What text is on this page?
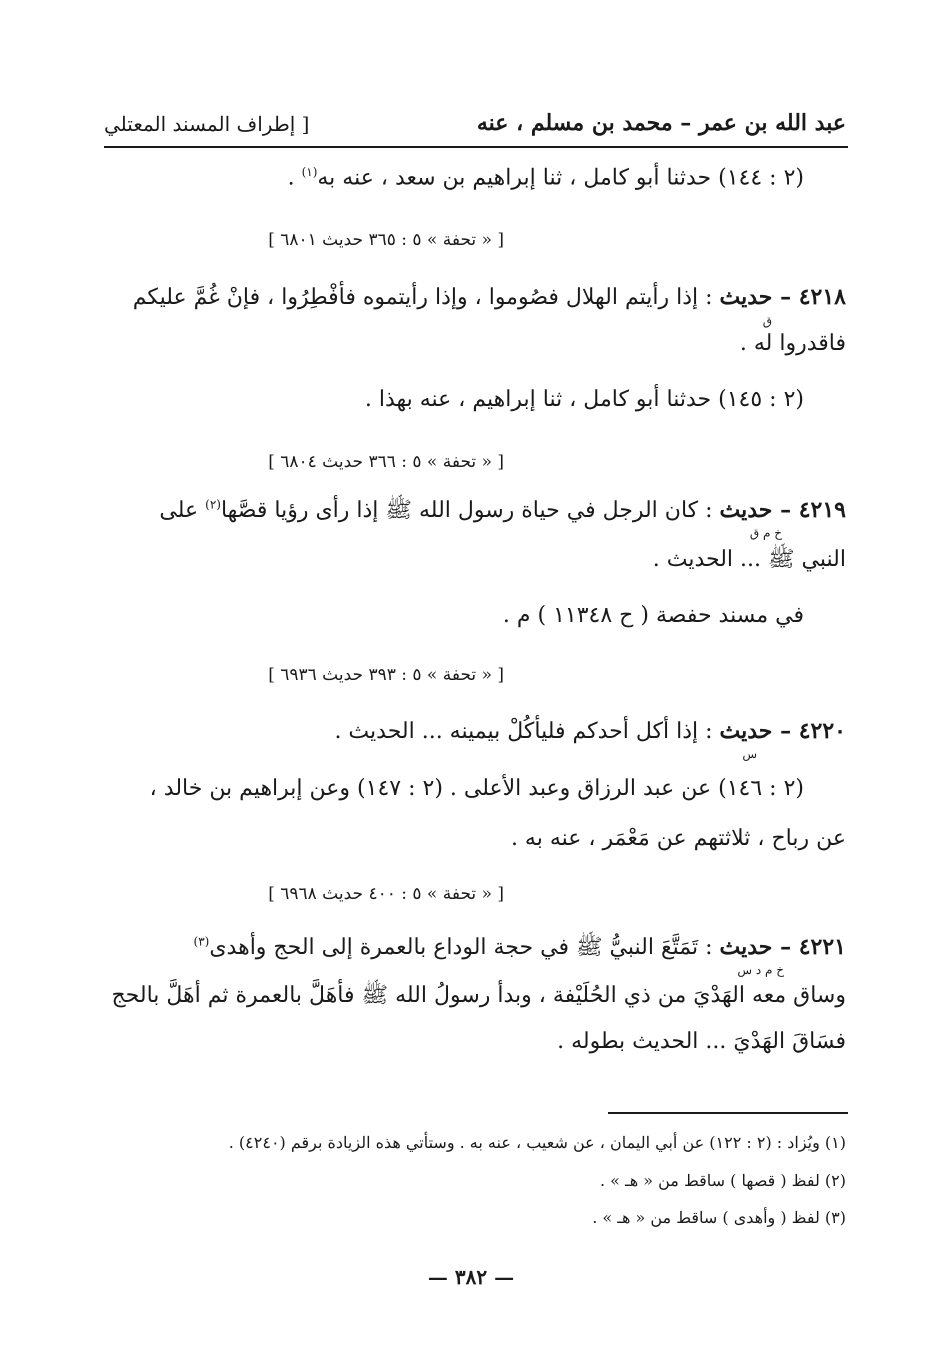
عبد الله بن عمر – محمد بن مسلم ، عنه
[ إطراف المسند المعتلي
(٢ : ١٤٤) حدثنا أبو كامل ، ثنا إبراهيم بن سعد ، عنه به$^{(١)}$ .
[ « تحفة » ٥ : ٣٦٥ حديث ٦٨٠١ ]
٤٢١٨ – حديث : إذا رأيتم الهلال فصُوموا ، وإذا رأيتموه فأفْطِرُوا ، فإنْ غُمَّ عليكم
ق
فاقدروا له .
(٢ : ١٤٥) حدثنا أبو كامل ، ثنا إبراهيم ، عنه بهذا .
[ « تحفة » ٥ : ٣٦٦ حديث ٦٨٠٤ ]
٤٢١٩ – حديث : كان الرجل في حياة رسول الله ﷺ إذا رأى رؤيا قصَّها$^{(٢)}$ على
خ م ق
النبي ﷺ ... الحديث .
في مسند حفصة ( ح ١١٣٤٨ ) م .
[ « تحفة » ٥ : ٣٩٣ حديث ٦٩٣٦ ]
٤٢٢٠ – حديث : إذا أكل أحدكم فليأكُلْ بيمينه ... الحديث .
س
(٢ : ١٤٦) عن عبد الرزاق وعبد الأعلى . (٢ : ١٤٧) وعن إبراهيم بن خالد ،
عن رباح ، ثلاثتهم عن مَعْمَر ، عنه به .
[ « تحفة » ٥ : ٤٠٠ حديث ٦٩٦٨ ]
٤٢٢١ – حديث : تَمَتَّعَ النبيُّ ﷺ في حجة الوداع بالعمرة إلى الحج وأهدى$^{(٣)}$
خ م د س
وساق معه الهَدْيَ من ذي الحُلَيْفة ، وبدأ رسولُ الله ﷺ فأهَلَّ بالعمرة ثم أهَلَّ بالحج
فسَاقَ الهَدْيَ ... الحديث بطوله .
(١) ويُزاد : (٢ : ١٢٢) عن أبي اليمان ، عن شعيب ، عنه به . وستأتي هذه الزيادة برقم (٤٢٤٠) .
(٢) لفظ ( قصها ) ساقط من « هـ » .
(٣) لفظ ( وأهدى ) ساقط من « هـ » .
— ٣٨٢ —
